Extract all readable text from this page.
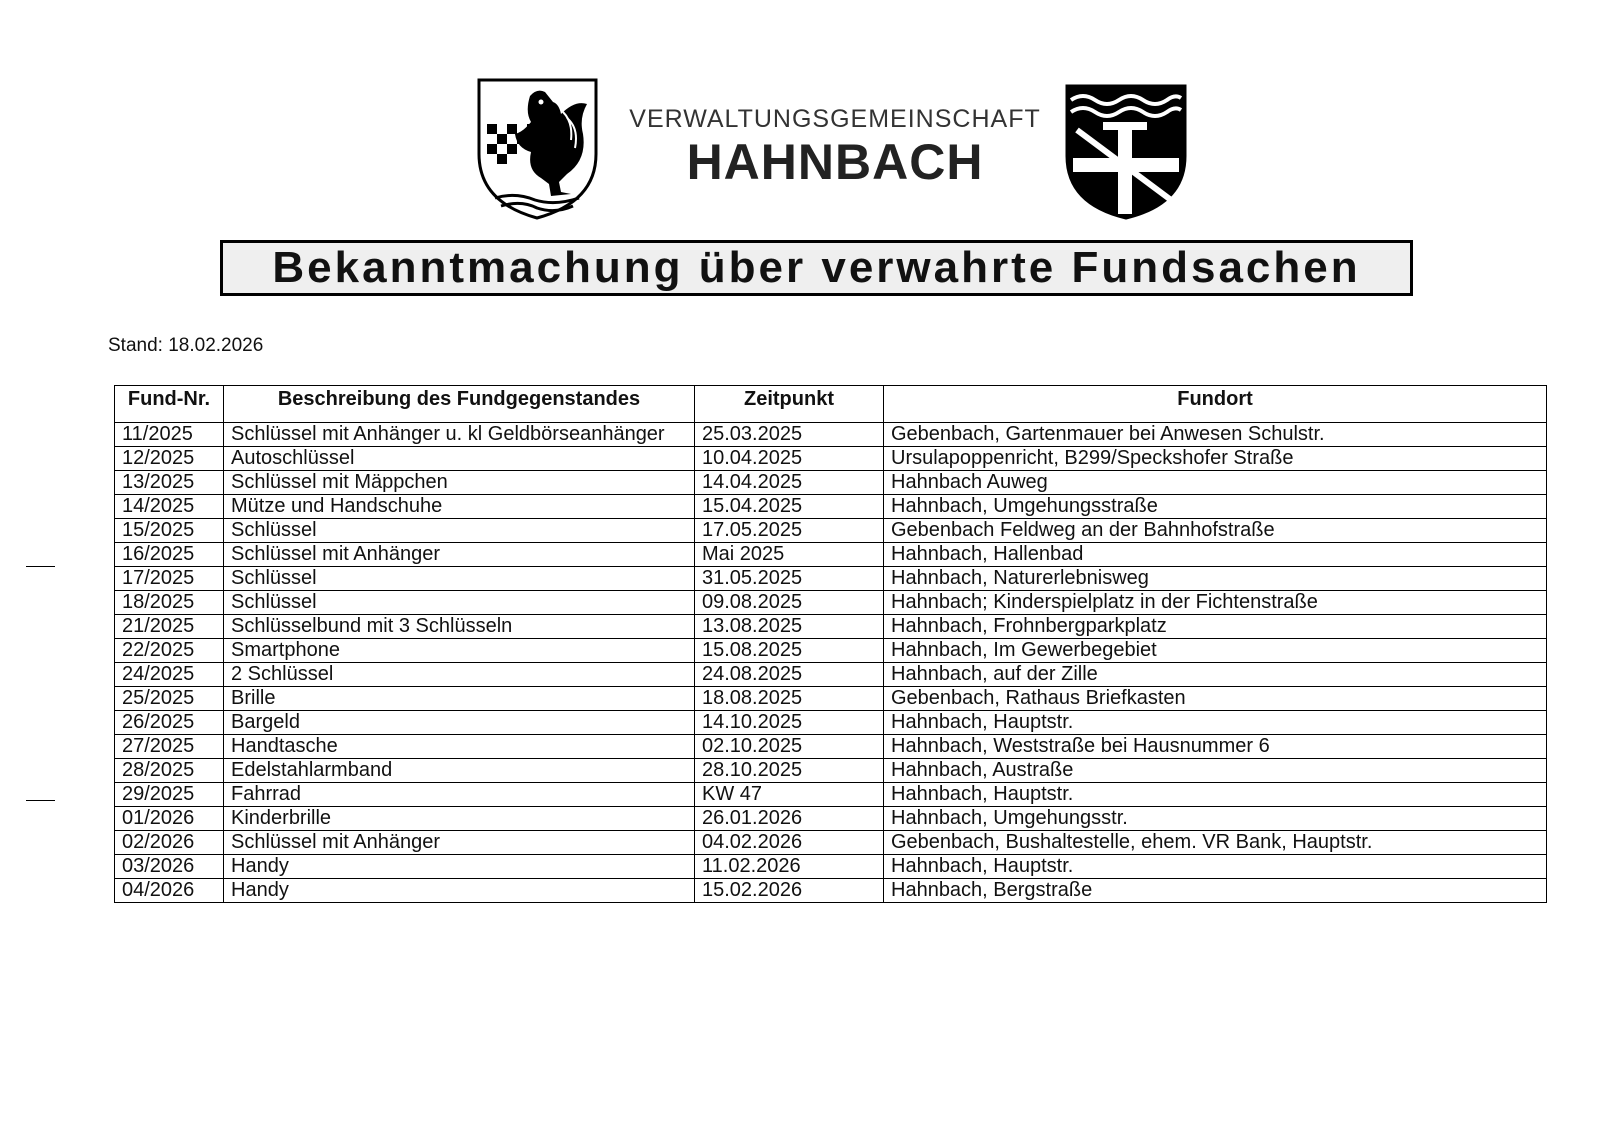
VERWALTUNGSGEMEINSCHAFT
HAHNBACH
Bekanntmachung über verwahrte Fundsachen
Stand: 18.02.2026
Fund-Nr.	Beschreibung des Fundgegenstandes	Zeitpunkt	Fundort
11/2025	Schlüssel mit Anhänger u. kl Geldbörseanhänger	25.03.2025	Gebenbach, Gartenmauer bei Anwesen Schulstr.
12/2025	Autoschlüssel	10.04.2025	Ursulapoppenricht, B299/Speckshofer Straße
13/2025	Schlüssel mit Mäppchen	14.04.2025	Hahnbach Auweg
14/2025	Mütze und Handschuhe	15.04.2025	Hahnbach, Umgehungsstraße
15/2025	Schlüssel	17.05.2025	Gebenbach Feldweg an der Bahnhofstraße
16/2025	Schlüssel mit Anhänger	Mai 2025	Hahnbach, Hallenbad
17/2025	Schlüssel	31.05.2025	Hahnbach, Naturerlebnisweg
18/2025	Schlüssel	09.08.2025	Hahnbach; Kinderspielplatz in der Fichtenstraße
21/2025	Schlüsselbund mit 3 Schlüsseln	13.08.2025	Hahnbach, Frohnbergparkplatz
22/2025	Smartphone	15.08.2025	Hahnbach, Im Gewerbegebiet
24/2025	2 Schlüssel	24.08.2025	Hahnbach, auf der Zille
25/2025	Brille	18.08.2025	Gebenbach, Rathaus Briefkasten
26/2025	Bargeld	14.10.2025	Hahnbach, Hauptstr.
27/2025	Handtasche	02.10.2025	Hahnbach, Weststraße bei Hausnummer 6
28/2025	Edelstahlarmband	28.10.2025	Hahnbach, Austraße
29/2025	Fahrrad	KW 47	Hahnbach, Hauptstr.
01/2026	Kinderbrille	26.01.2026	Hahnbach, Umgehungsstr.
02/2026	Schlüssel mit Anhänger	04.02.2026	Gebenbach, Bushaltestelle, ehem. VR Bank, Hauptstr.
03/2026	Handy	11.02.2026	Hahnbach, Hauptstr.
04/2026	Handy	15.02.2026	Hahnbach, Bergstraße
